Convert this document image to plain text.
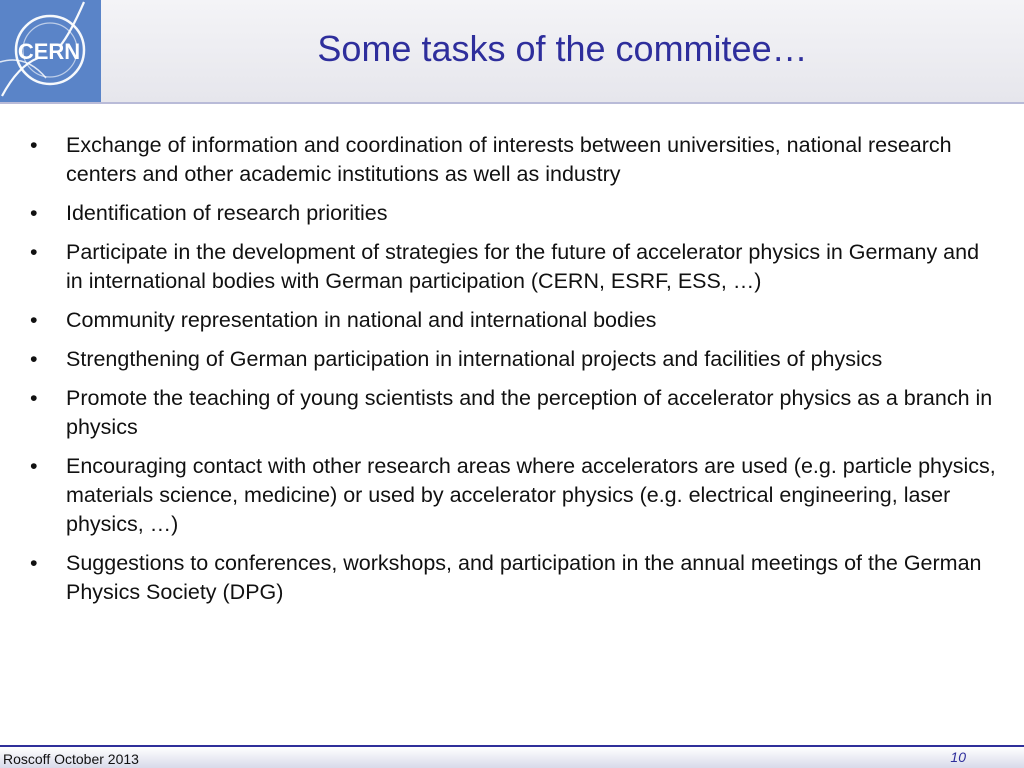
CERN	Some tasks of the commitee…
•	Exchange of information and coordination of interests between universities, national research centers and other academic institutions as well as industry
•	Identification of research priorities
•	Participate in the development of strategies for the future of accelerator physics in Germany and in international bodies with German participation (CERN, ESRF, ESS, …)
•	Community representation in national and international bodies
•	Strengthening of German participation in international projects and facilities of physics
•	Promote the teaching of young scientists and the perception of accelerator physics as a branch in physics
•	Encouraging contact with other research areas where accelerators are used (e.g. particle physics, materials science, medicine) or used by accelerator physics (e.g. electrical engineering, laser physics, …)
•	Suggestions to conferences, workshops, and participation in the annual meetings of the German Physics Society (DPG)
Roscoff October 2013	10
